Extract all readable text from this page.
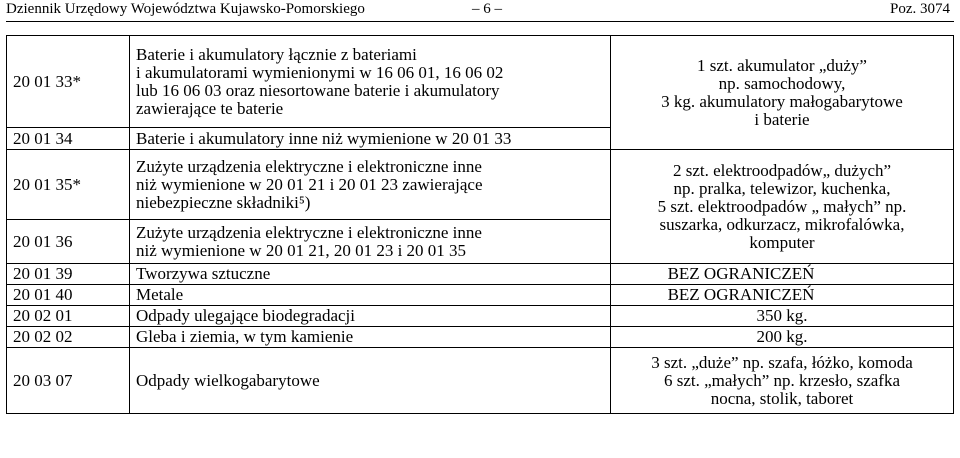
Dziennik Urzędowy Województwa Kujawsko-Pomorskiego	– 6 –	Poz. 3074
20 01 33*	Baterie i akumulatory łącznie z bateriami
i akumulatorami wymienionymi w 16 06 01, 16 06 02
lub 16 06 03 oraz niesortowane baterie i akumulatory
zawierające te baterie	1 szt. akumulator „duży”
np. samochodowy,
3 kg. akumulatory małogabarytowe
i baterie

20 01 34	Baterie i akumulatory inne niż wymienione w 20 01 33	

20 01 35*	Zużyte urządzenia elektryczne i elektroniczne inne
niż wymienione w 20 01 21 i 20 01 23 zawierające
niebezpieczne składniki⁵)	2 szt. elektroodpadów„ dużych”
np. pralka, telewizor, kuchenka,
5 szt. elektroodpadów „ małych” np.
suszarka, odkurzacz, mikrofalówka,
komputer

20 01 36	Zużyte urządzenia elektryczne i elektroniczne inne
niż wymienione w 20 01 21, 20 01 23 i 20 01 35	

20 01 39	Tworzywa sztuczne	BEZ OGRANICZEŃ
20 01 40	Metale	BEZ OGRANICZEŃ
20 02 01	Odpady ulegające biodegradacji	350 kg.
20 02 02	Gleba i ziemia, w tym kamienie	200 kg.
20 03 07	Odpady wielkogabarytowe	3 szt. „duże” np. szafa, łóżko, komoda
6 szt. „małych” np. krzesło, szafka
nocna, stolik, taboret
